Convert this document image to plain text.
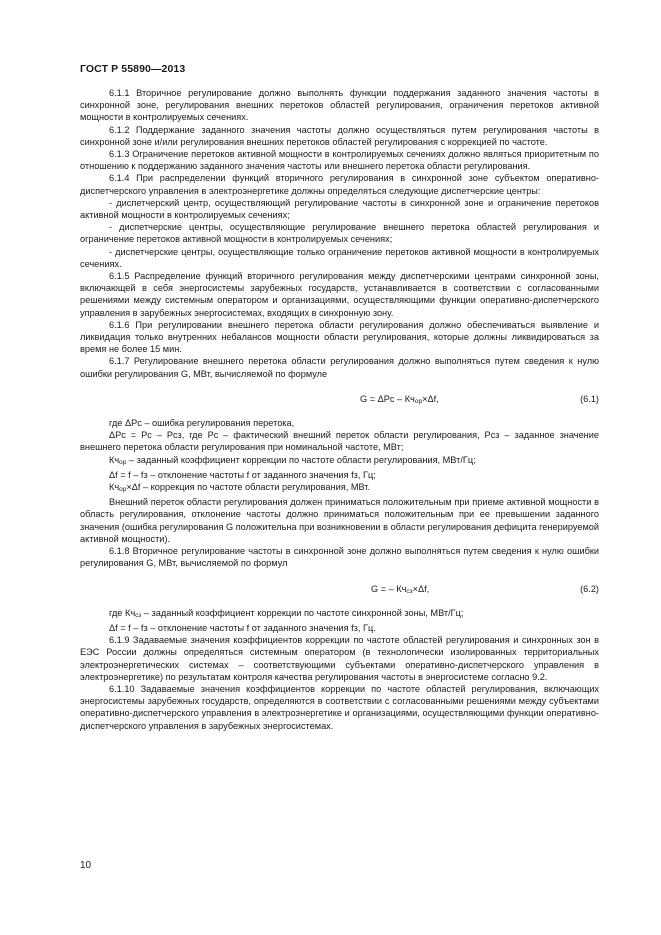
ГОСТ Р 55890—2013

6.1.1 Вторичное регулирование должно выполнять функции поддержания заданного значения частоты в синхронной зоне, регулирования внешних перетоков областей регулирования, ограничения перетоков активной мощности в контролируемых сечениях.

6.1.2 Поддержание заданного значения частоты должно осуществляться путем регулирования частоты в синхронной зоне и/или регулирования внешних перетоков областей регулирования с коррекцией по частоте.

6.1.3 Ограничение перетоков активной мощности в контролируемых сечениях должно являться приоритетным по отношению к поддержанию заданного значения частоты или внешнего перетока области регулирования.

6.1.4 При распределении функций вторичного регулирования в синхронной зоне субъектом оперативно-диспетчерского управления в электроэнергетике должны определяться следующие диспетчерские центры:

- диспетчерский центр, осуществляющий регулирование частоты в синхронной зоне и ограничение перетоков активной мощности в контролируемых сечениях;

- диспетчерские центры, осуществляющие регулирование внешнего перетока областей регулирования и ограничение перетоков активной мощности в контролируемых сечениях;

- диспетчерские центры, осуществляющие только ограничение перетоков активной мощности в контролируемых сечениях.

6.1.5 Распределение функций вторичного регулирования между диспетчерскими центрами синхронной зоны, включающей в себя энергосистемы зарубежных государств, устанавливается в соответствии с согласованными решениями между системным оператором и организациями, осуществляющими функции оперативно-диспетчерского управления в зарубежных энергосистемах, входящих в синхронную зону.

6.1.6 При регулировании внешнего перетока области регулирования должно обеспечиваться выявление и ликвидация только внутренних небалансов мощности области регулирования, которые должны ликвидироваться за время не более 15 мин.

6.1.7 Регулирование внешнего перетока области регулирования должно выполняться путем сведения к нулю ошибки регулирования G, МВт, вычисляемой по формуле

$G = \Delta Pc - Кч_{ор}\times\Delta f$,	(6.1)

где ΔPc – ошибка регулирования перетока,

ΔPc = Pc – Pcз, где Pc – фактический внешний переток области регулирования, Pcз – заданное значение внешнего перетока области регулирования при номинальной частоте, МВт;

$Кч_{ор}$ – заданный коэффициент коррекции по частоте области регулирования, МВт/Гц;

Δf = f – fз – отклонение частоты f от заданного значения fз, Гц;

$Кч_{ор}\times\Delta f$ – коррекция по частоте области регулирования, МВт.

Внешний переток области регулирования должен приниматься положительным при приеме активной мощности в область регулирования, отклонение частоты должно приниматься положительным при ее превышении заданного значения (ошибка регулирования G положительна при возникновении в области регулирования дефицита генерируемой активной мощности).

6.1.8 Вторичное регулирование частоты в синхронной зоне должно выполняться путем сведения к нулю ошибки регулирования G, МВт, вычисляемой по формул

G = – $Кч_{сз}\times\Delta f$,	(6.2)

где $Кч_{сз}$ – заданный коэффициент коррекции по частоте синхронной зоны, МВт/Гц;

Δf = f – fз – отклонение частоты f от заданного значения fз, Гц.

6.1.9 Задаваемые значения коэффициентов коррекции по частоте областей регулирования и синхронных зон в ЕЭС России должны определяться системным оператором (в технологически изолированных территориальных электроэнергетических системах – соответствующими субъектами оперативно-диспетчерского управления в электроэнергетике) по результатам контроля качества регулирования частоты в энергосистеме согласно 9.2.

6.1.10 Задаваемые значения коэффициентов коррекции по частоте областей регулирования, включающих энергосистемы зарубежных государств, определяются в соответствии с согласованными решениями между субъектами оперативно-диспетчерского управления в электроэнергетике и организациями, осуществляющими функции оперативно-диспетчерского управления в зарубежных энергосистемах.

10
